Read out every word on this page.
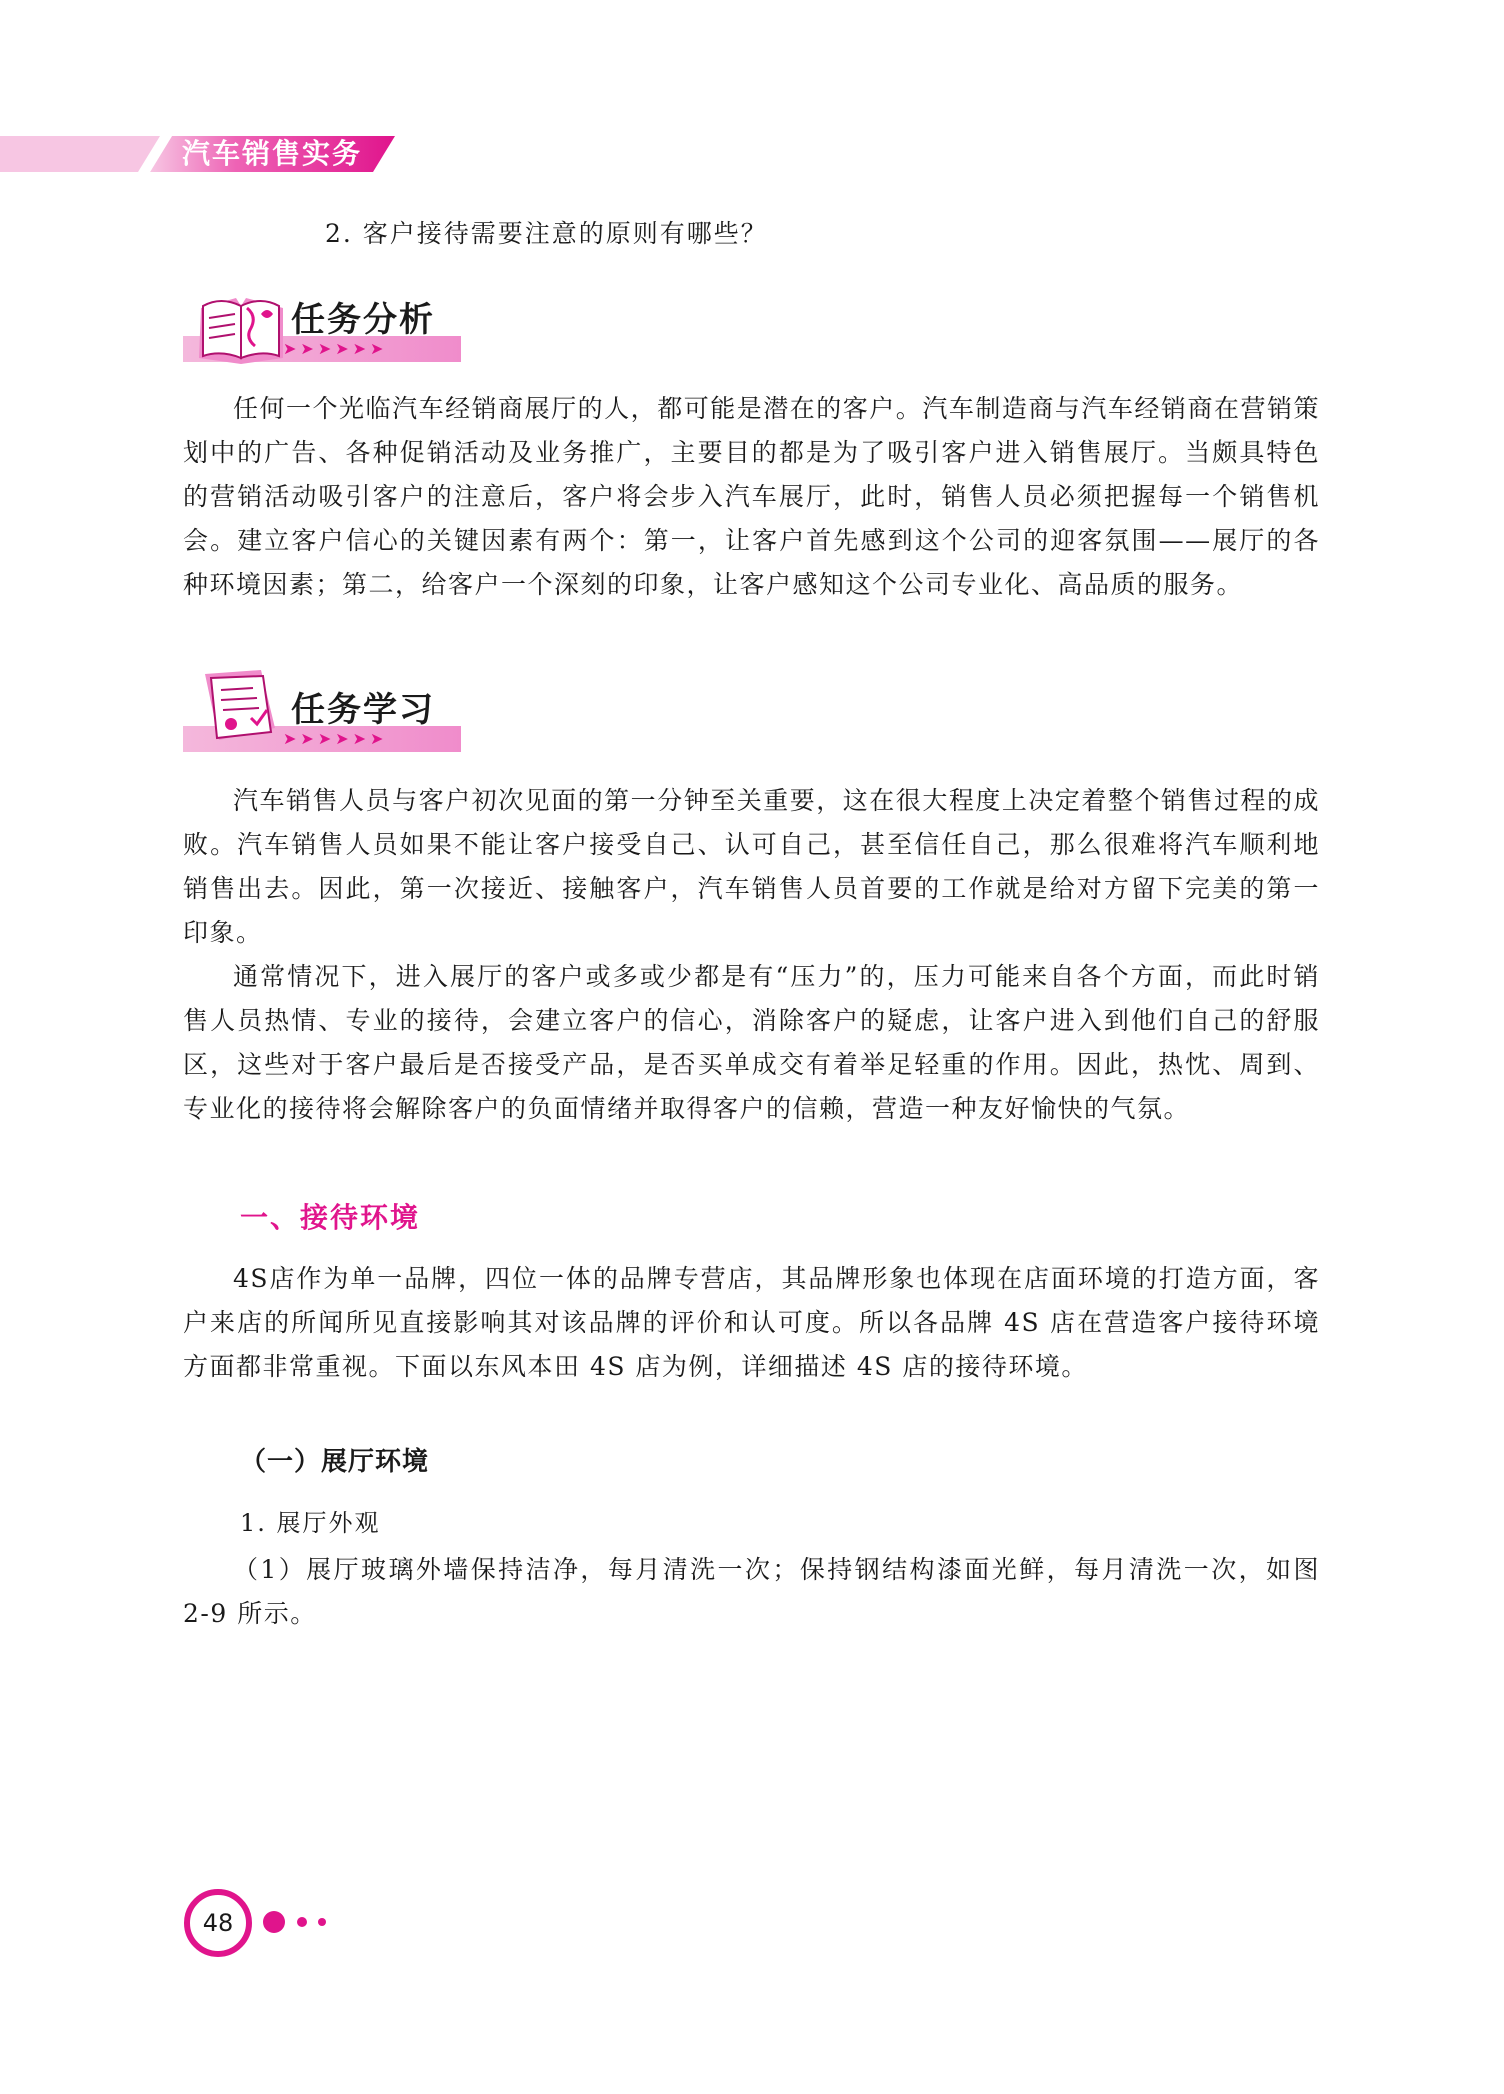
汽车销售实务
2. 客户接待需要注意的原则有哪些？
➤➤➤➤➤➤
任务分析
任何一个光临汽车经销商展厅的人，都可能是潜在的客户。汽车制造商与汽车经销商在营销策划中的广告、各种促销活动及业务推广，主要目的都是为了吸引客户进入销售展厅。当颇具特色的营销活动吸引客户的注意后，客户将会步入汽车展厅，此时，销售人员必须把握每一个销售机会。建立客户信心的关键因素有两个：第一，让客户首先感到这个公司的迎客氛围——展厅的各种环境因素；第二，给客户一个深刻的印象，让客户感知这个公司专业化、高品质的服务。
➤➤➤➤➤➤
任务学习
汽车销售人员与客户初次见面的第一分钟至关重要，这在很大程度上决定着整个销售过程的成败。汽车销售人员如果不能让客户接受自己、认可自己，甚至信任自己，那么很难将汽车顺利地销售出去。因此，第一次接近、接触客户，汽车销售人员首要的工作就是给对方留下完美的第一印象。
通常情况下，进入展厅的客户或多或少都是有“压力”的，压力可能来自各个方面，而此时销售人员热情、专业的接待，会建立客户的信心，消除客户的疑虑，让客户进入到他们自己的舒服区，这些对于客户最后是否接受产品，是否买单成交有着举足轻重的作用。因此，热忱、周到、专业化的接待将会解除客户的负面情绪并取得客户的信赖，营造一种友好愉快的气氛。
一、接待环境
4S店作为单一品牌，四位一体的品牌专营店，其品牌形象也体现在店面环境的打造方面，客户来店的所闻所见直接影响其对该品牌的评价和认可度。所以各品牌 4S 店在营造客户接待环境方面都非常重视。下面以东风本田 4S 店为例，详细描述 4S 店的接待环境。
（一）展厅环境
1. 展厅外观
（1）展厅玻璃外墙保持洁净，每月清洗一次；保持钢结构漆面光鲜，每月清洗一次，如图 2-9 所示。
48
